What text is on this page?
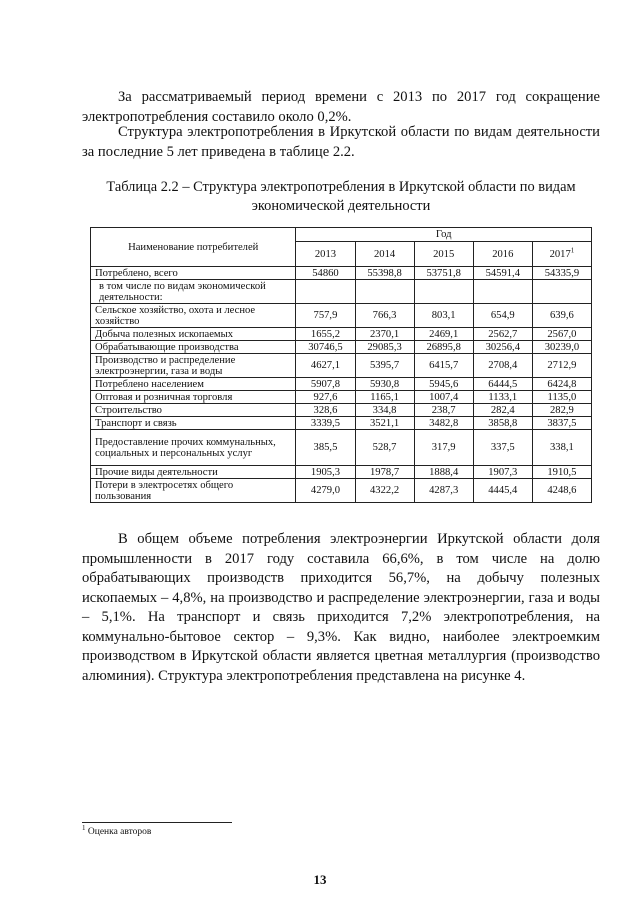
За рассматриваемый период времени с 2013 по 2017 год сокращение электропотребления составило около 0,2%.

Структура электропотребления в Иркутской области по видам деятельности за последние 5 лет приведена в таблице 2.2.

Таблица 2.2 – Структура электропотребления в Иркутской области по видам
экономической деятельности

Наименование потребителей	Год				
	2013	2014	2015	2016	2017$^1$
Потреблено, всего	54860	55398,8	53751,8	54591,4	54335,9
в том числе по видам экономической деятельности:					
Сельское хозяйство, охота и лесное хозяйство	757,9	766,3	803,1	654,9	639,6
Добыча полезных ископаемых	1655,2	2370,1	2469,1	2562,7	2567,0
Обрабатывающие производства	30746,5	29085,3	26895,8	30256,4	30239,0
Производство и распределение электроэнергии, газа и воды	4627,1	5395,7	6415,7	2708,4	2712,9
Потреблено населением	5907,8	5930,8	5945,6	6444,5	6424,8
Оптовая и розничная торговля	927,6	1165,1	1007,4	1133,1	1135,0
Строительство	328,6	334,8	238,7	282,4	282,9
Транспорт и связь	3339,5	3521,1	3482,8	3858,8	3837,5
Предоставление прочих коммунальных, социальных и персональных услуг	385,5	528,7	317,9	337,5	338,1
Прочие виды деятельности	1905,3	1978,7	1888,4	1907,3	1910,5
Потери в электросетях общего пользования	4279,0	4322,2	4287,3	4445,4	4248,6

В общем объеме потребления электроэнергии Иркутской области доля промышленности в 2017 году составила 66,6%, в том числе на долю обрабатывающих производств приходится 56,7%, на добычу полезных ископаемых – 4,8%, на производство и распределение электроэнергии, газа и воды – 5,1%. На транспорт и связь приходится 7,2% электропотребления, на коммунально-бытовое сектор – 9,3%. Как видно, наиболее электроемким производством в Иркутской области является цветная металлургия (производство алюминия). Структура электропотребления представлена на рисунке 4.

$^1$ Оценка авторов

13
